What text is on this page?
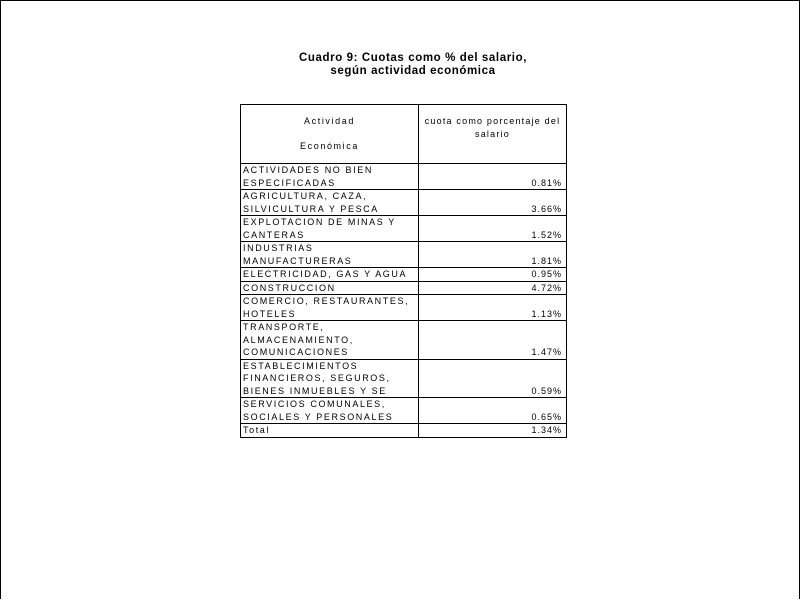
Cuadro 9: Cuotas como % del salario,
según actividad económica
Actividad
Económica	cuota como porcentaje del salario
ACTIVIDADES NO BIEN ESPECIFICADAS	0.81%
AGRICULTURA, CAZA, SILVICULTURA Y PESCA	3.66%
EXPLOTACION DE MINAS Y CANTERAS	1.52%
INDUSTRIAS MANUFACTURERAS	1.81%
ELECTRICIDAD, GAS Y AGUA	0.95%
CONSTRUCCION	4.72%
COMERCIO, RESTAURANTES, HOTELES	1.13%
TRANSPORTE, ALMACENAMIENTO, COMUNICACIONES	1.47%
ESTABLECIMIENTOS FINANCIEROS, SEGUROS, BIENES INMUEBLES Y SE	0.59%
SERVICIOS COMUNALES, SOCIALES Y PERSONALES	0.65%
Total	1.34%
